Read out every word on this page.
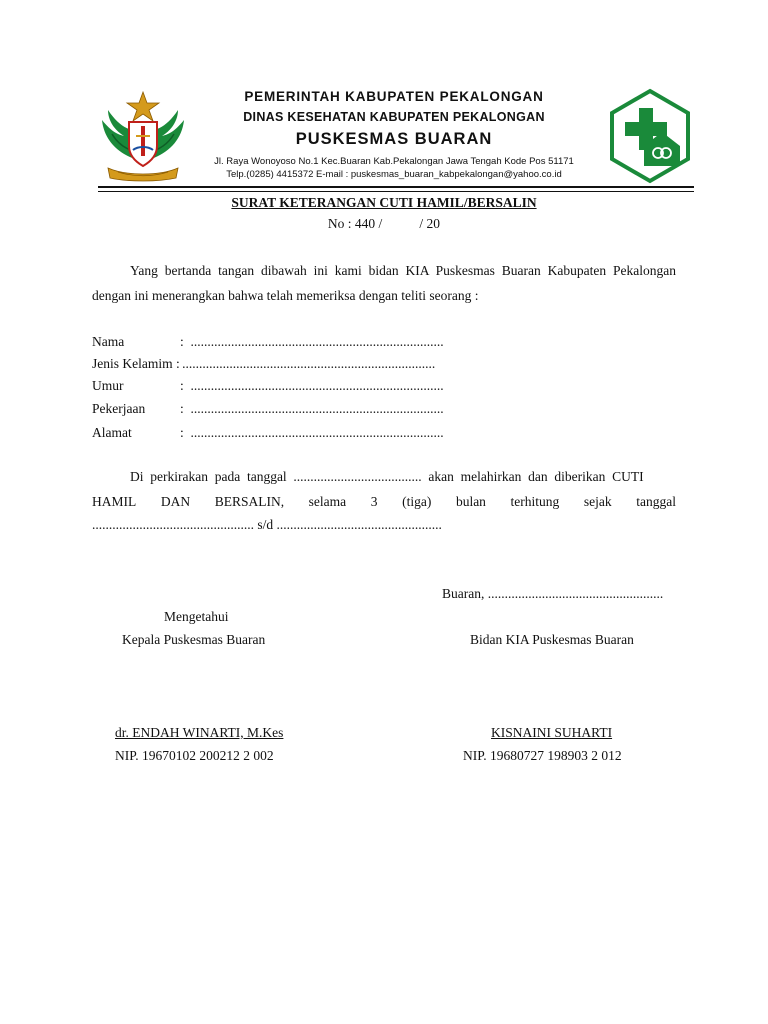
PEMERINTAH KABUPATEN PEKALONGAN
DINAS KESEHATAN KABUPATEN PEKALONGAN
PUSKESMAS BUARAN
Jl. Raya Wonoyoso No.1 Kec.Buaran Kab.Pekalongan Jawa Tengah Kode Pos 51171
Telp.(0285) 4415372 E-mail : puskesmas_buaran_kabpekalongan@yahoo.co.id
SURAT KETERANGAN CUTI HAMIL/BERSALIN
No : 440 /           / 20
Yang bertanda tangan dibawah ini kami bidan KIA Puskesmas Buaran Kabupaten Pekalongan
dengan ini menerangkan bahwa telah memeriksa dengan teliti seorang :
Nama	:  ...........................................................................
Jenis Kelamim :
...........................................................................
Umur	:  ...........................................................................
Pekerjaan	:  ...........................................................................
Alamat	:  ...........................................................................
Di  perkirakan  pada  tanggal  ......................................  akan  melahirkan  dan  diberikan  CUTI
HAMIL DAN BERSALIN, selama 3 (tiga) bulan terhitung sejak tanggal
................................................ s/d .................................................
Buaran, ....................................................
Mengetahui
Kepala Puskesmas Buaran	Bidan KIA Puskesmas Buaran
dr. ENDAH WINARTI, M.Kes
NIP. 19670102 200212 2 002
KISNAINI SUHARTI
NIP. 19680727 198903 2 012
